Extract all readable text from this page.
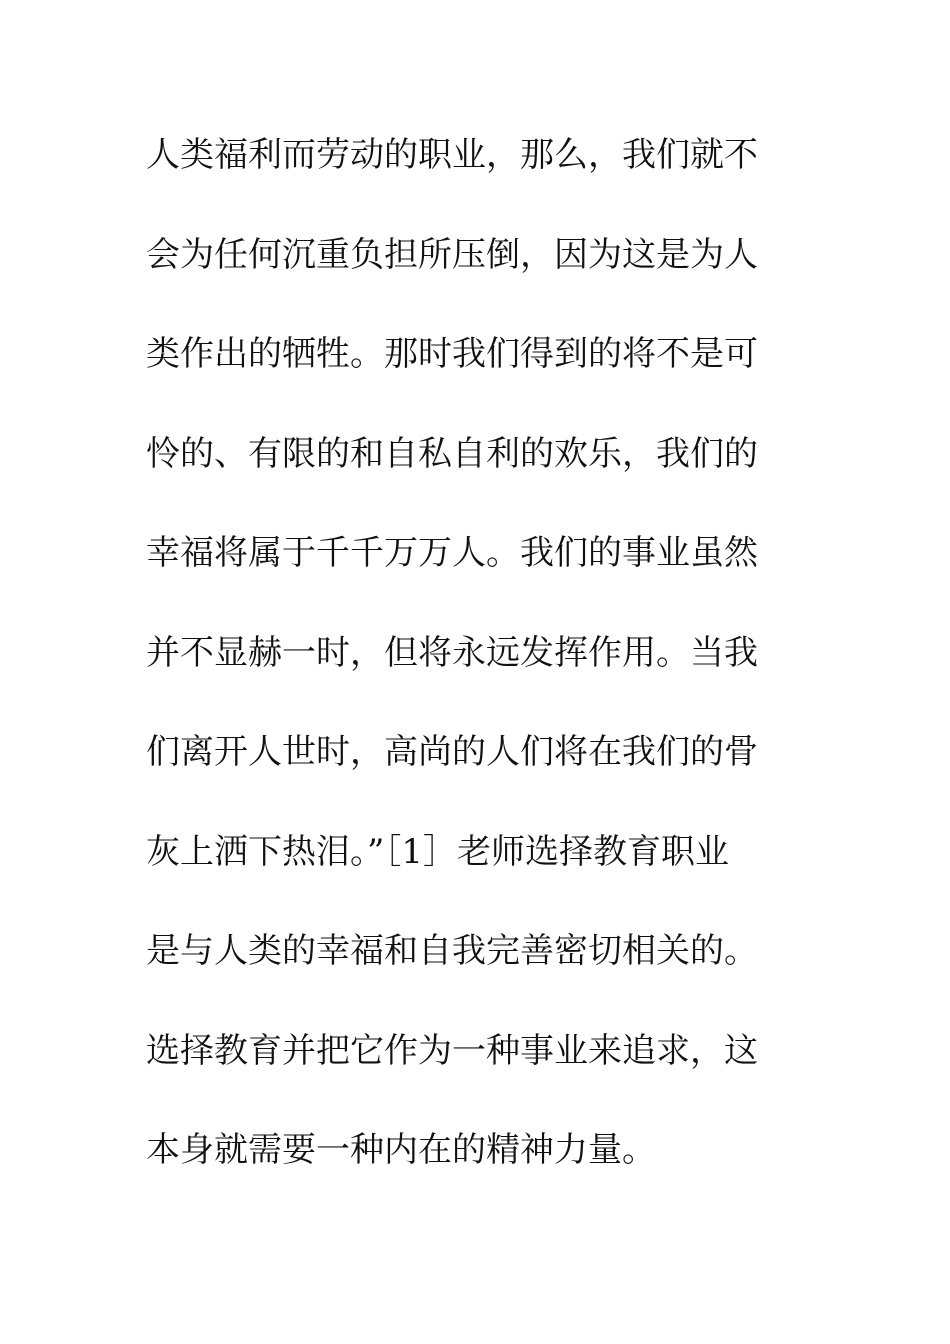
人类福利而劳动的职业，那么，我们就不
会为任何沉重负担所压倒，因为这是为人
类作出的牺牲。那时我们得到的将不是可
怜的、有限的和自私自利的欢乐，我们的
幸福将属于千千万万人。我们的事业虽然
并不显赫一时，但将永远发挥作用。当我
们离开人世时，高尚的人们将在我们的骨
灰上洒下热泪。”［1］老师选择教育职业
是与人类的幸福和自我完善密切相关的。
选择教育并把它作为一种事业来追求，这
本身就需要一种内在的精神力量。
